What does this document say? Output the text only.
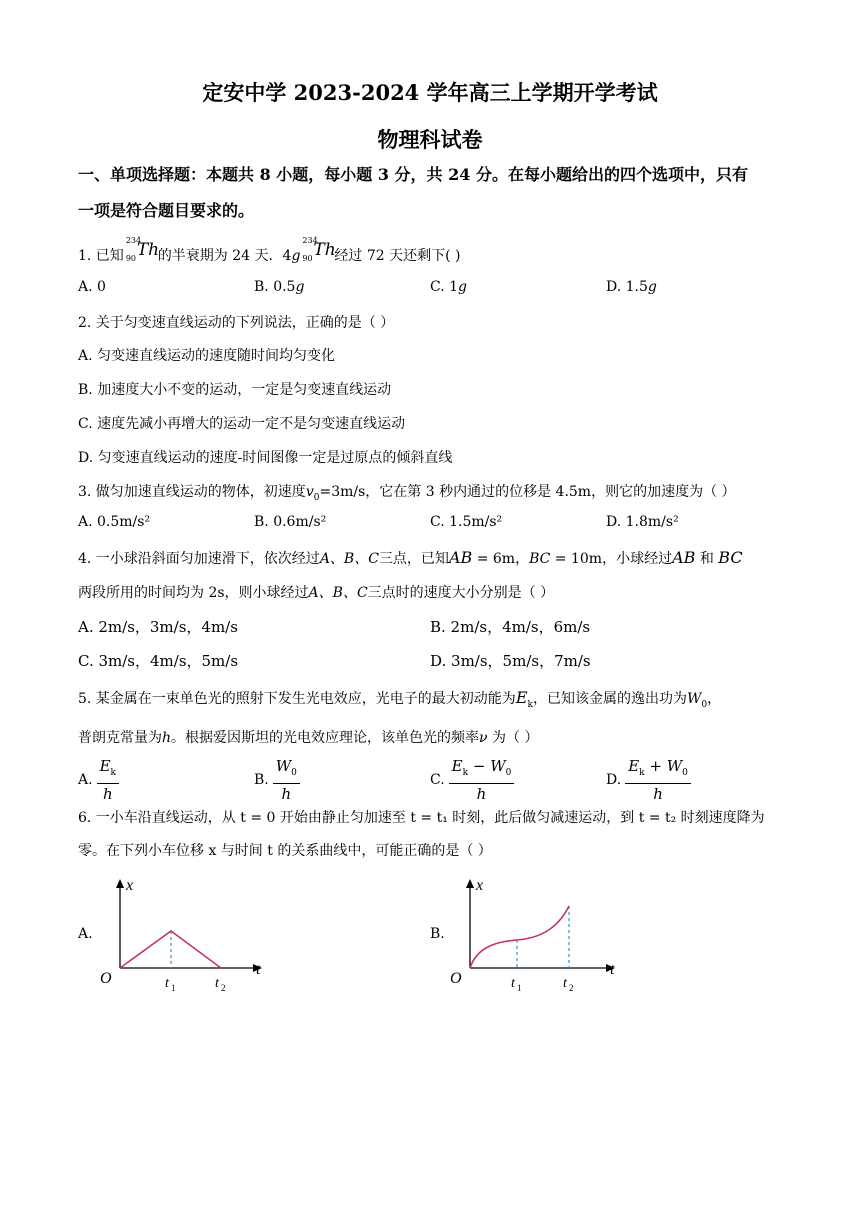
定安中学 2023-2024 学年高三上学期开学考试
物理科试卷
一、单项选择题：本题共 8 小题，每小题 3 分，共 24 分。在每小题给出的四个选项中，只有
一项是符合题目要求的。
1. 已知
234
90 Th
的半衰期为 24 天．4g
234
90 Th
经过 72 天还剩下( )
A. 0	B. 0.5g	C. 1g	D. 1.5g
2. 关于匀变速直线运动的下列说法，正确的是（ ）
A. 匀变速直线运动的速度随时间均匀变化
B. 加速度大小不变的运动，一定是匀变速直线运动
C. 速度先减小再增大的运动一定不是匀变速直线运动
D. 匀变速直线运动的速度-时间图像一定是过原点的倾斜直线
3. 做匀加速直线运动的物体，初速度$v_0=3m/s$，它在第 3 秒内通过的位移是 4.5m，则它的加速度为（ ）
A. 0.5m/s²	B. 0.6m/s²	C. 1.5m/s²	D. 1.8m/s²
4. 一小球沿斜面匀加速滑下，依次经过A、B、C三点，已知AB = 6m，BC = 10m，小球经过AB 和 BC
两段所用的时间均为 2s，则小球经过A、B、C三点时的速度大小分别是（ ）
A. 2m/s，3m/s，4m/s	B. 2m/s，4m/s，6m/s
C. 3m/s，4m/s，5m/s	D. 3m/s，5m/s，7m/s
5. 某金属在一束单色光的照射下发生光电效应，光电子的最大初动能为$E_k$，已知该金属的逸出功为$W_0$，
普朗克常量为h。根据爱因斯坦的光电效应理论，该单色光的频率ν 为（ ）
A. $\frac{E_k}{h}$	B. $\frac{W_0}{h}$	C. $\frac{E_k - W_0}{h}$	D. $\frac{E_k + W_0}{h}$
6. 一小车沿直线运动，从 t = 0 开始由静止匀加速至 t = t₁ 时刻，此后做匀减速运动，到 t = t₂ 时刻速度降为
零。在下列小车位移 x 与时间 t 的关系曲线中，可能正确的是（ ）
A.
x
t
O	t 1	t 2
B.
x
t
O	t 1	t 2
